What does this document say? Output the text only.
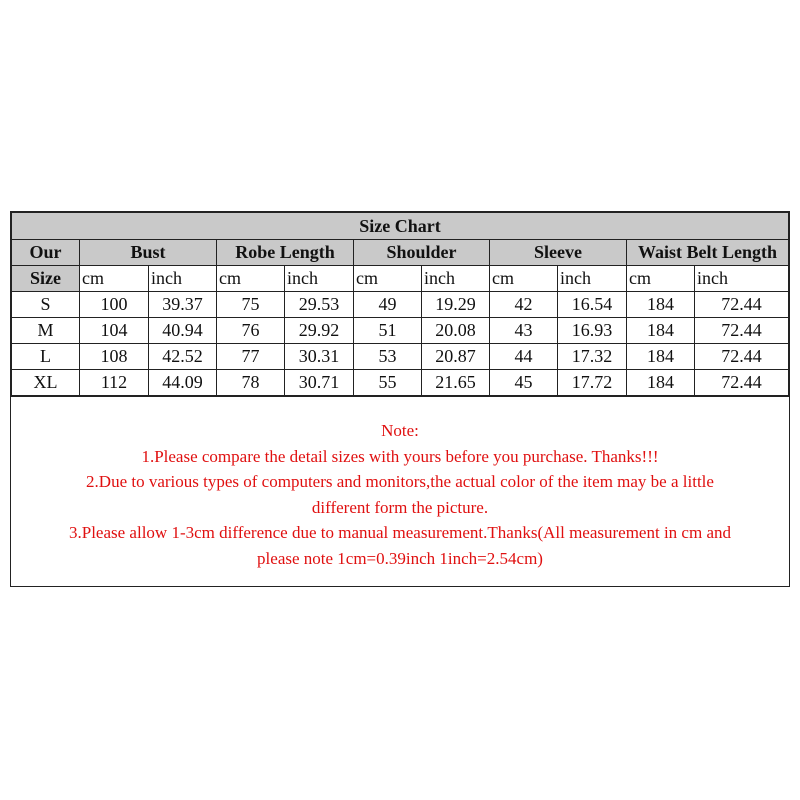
Size Chart										
Our	Bust		Robe Length		Shoulder		Sleeve		Waist Belt Length	
Size	cm	inch	cm	inch	cm	inch	cm	inch	cm	inch
S	100	39.37	75	29.53	49	19.29	42	16.54	184	72.44
M	104	40.94	76	29.92	51	20.08	43	16.93	184	72.44
L	108	42.52	77	30.31	53	20.87	44	17.32	184	72.44
XL	112	44.09	78	30.71	55	21.65	45	17.72	184	72.44
Note:
1.Please compare the detail sizes with yours before you purchase. Thanks!!!
2.Due to various types of computers and monitors,the actual color of the item may be a little
different form the picture.
3.Please allow 1-3cm difference due to manual measurement.Thanks(All measurement in cm and
please note 1cm=0.39inch 1inch=2.54cm)
